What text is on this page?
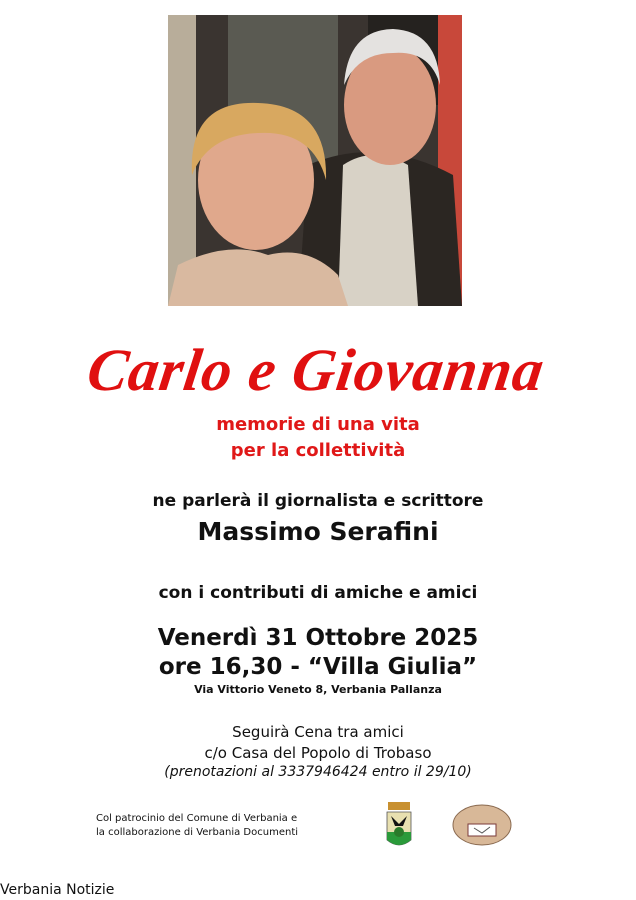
Carlo e Giovanna
memorie di una vita
per la collettività
ne parlerà il giornalista e scrittore
Massimo Serafini
con i contributi di amiche e amici
Venerdì 31 Ottobre 2025
ore 16,30 - “Villa Giulia”
Via Vittorio Veneto 8, Verbania Pallanza
Seguirà Cena tra amici
c/o Casa del Popolo di Trobaso
(prenotazioni al 3337946424 entro il 29/10)
Col patrocinio del Comune di Verbania e
la collaborazione di Verbania Documenti
Verbania Notizie
